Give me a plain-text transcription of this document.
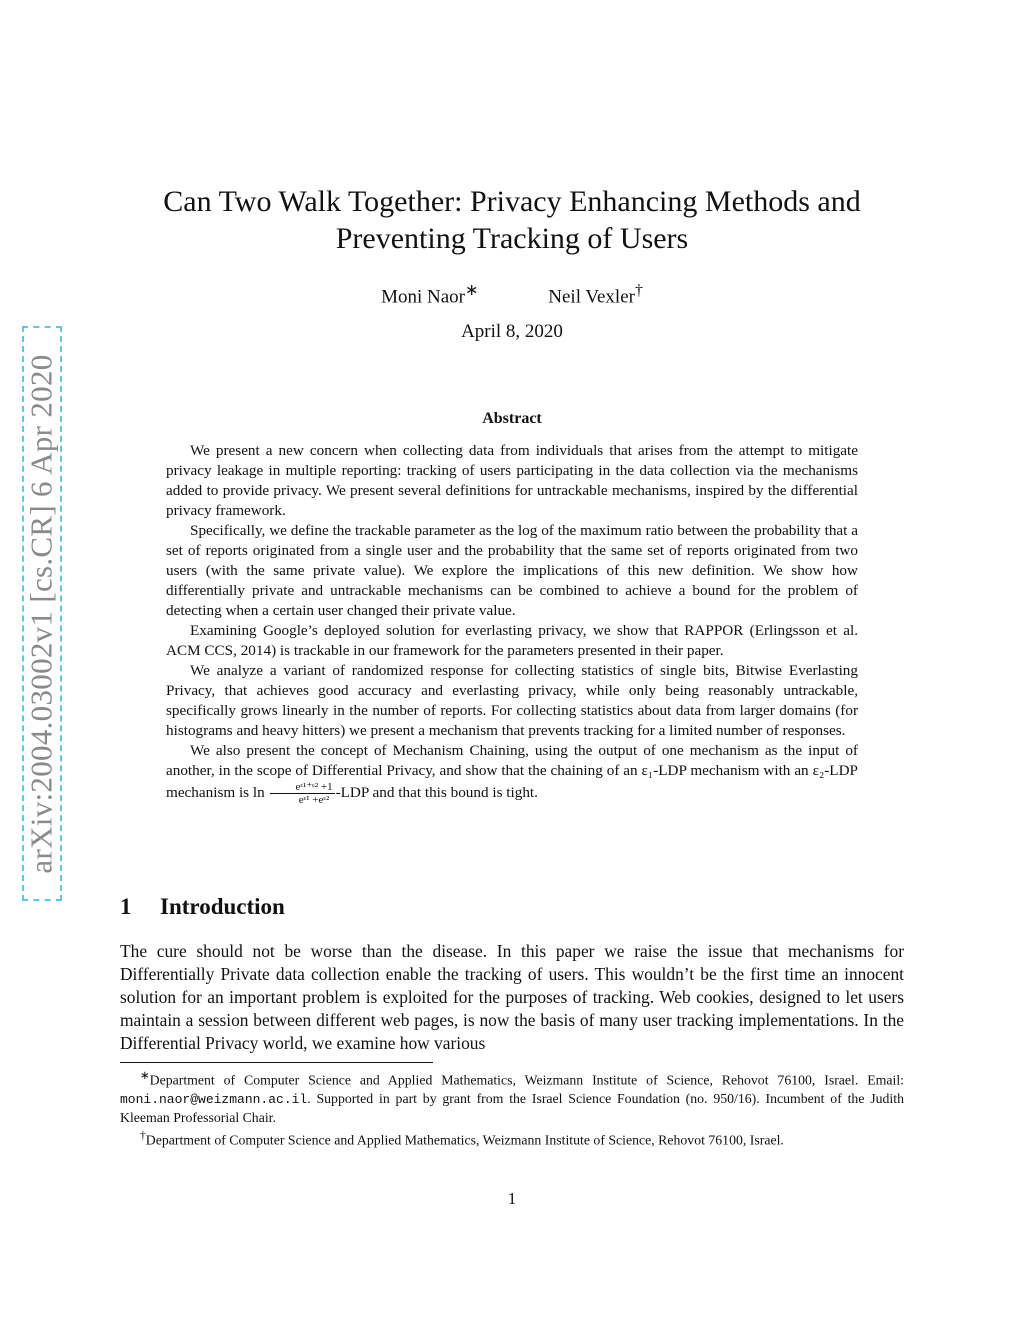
arXiv:2004.03002v1 [cs.CR] 6 Apr 2020
Can Two Walk Together: Privacy Enhancing Methods and
Preventing Tracking of Users
Moni Naor∗	Neil Vexler†
April 8, 2020
Abstract

We present a new concern when collecting data from individuals that arises from the attempt to mitigate privacy leakage in multiple reporting: tracking of users participating in the data collection via the mechanisms added to provide privacy. We present several definitions for untrackable mechanisms, inspired by the differential privacy framework.

Specifically, we define the trackable parameter as the log of the maximum ratio between the probability that a set of reports originated from a single user and the probability that the same set of reports originated from two users (with the same private value). We explore the implications of this new definition. We show how differentially private and untrackable mechanisms can be combined to achieve a bound for the problem of detecting when a certain user changed their private value.

Examining Google’s deployed solution for everlasting privacy, we show that RAPPOR (Erlingsson et al. ACM CCS, 2014) is trackable in our framework for the parameters presented in their paper.

We analyze a variant of randomized response for collecting statistics of single bits, Bitwise Everlasting Privacy, that achieves good accuracy and everlasting privacy, while only being reasonably untrackable, specifically grows linearly in the number of reports. For collecting statistics about data from larger domains (for histograms and heavy hitters) we present a mechanism that prevents tracking for a limited number of responses.

We also present the concept of Mechanism Chaining, using the output of one mechanism as the input of another, in the scope of Differential Privacy, and show that the chaining of an ε₁-LDP mechanism with an ε₂-LDP mechanism is $\ln \frac{\text{eᵋ¹⁺ᵋ² +1}}{\text{eᵋ¹ +eᵋ²}} -LDP$ and that this bound is tight.

1 Introduction

The cure should not be worse than the disease. In this paper we raise the issue that mechanisms for Differentially Private data collection enable the tracking of users. This wouldn’t be the first time an innocent solution for an important problem is exploited for the purposes of tracking. Web cookies, designed to let users maintain a session between different web pages, is now the basis of many user tracking implementations. In the Differential Privacy world, we examine how various

∗Department of Computer Science and Applied Mathematics, Weizmann Institute of Science, Rehovot 76100, Israel. Email: moni.naor@weizmann.ac.il. Supported in part by grant from the Israel Science Foundation (no. 950/16). Incumbent of the Judith Kleeman Professorial Chair.

†Department of Computer Science and Applied Mathematics, Weizmann Institute of Science, Rehovot 76100, Israel.

1
